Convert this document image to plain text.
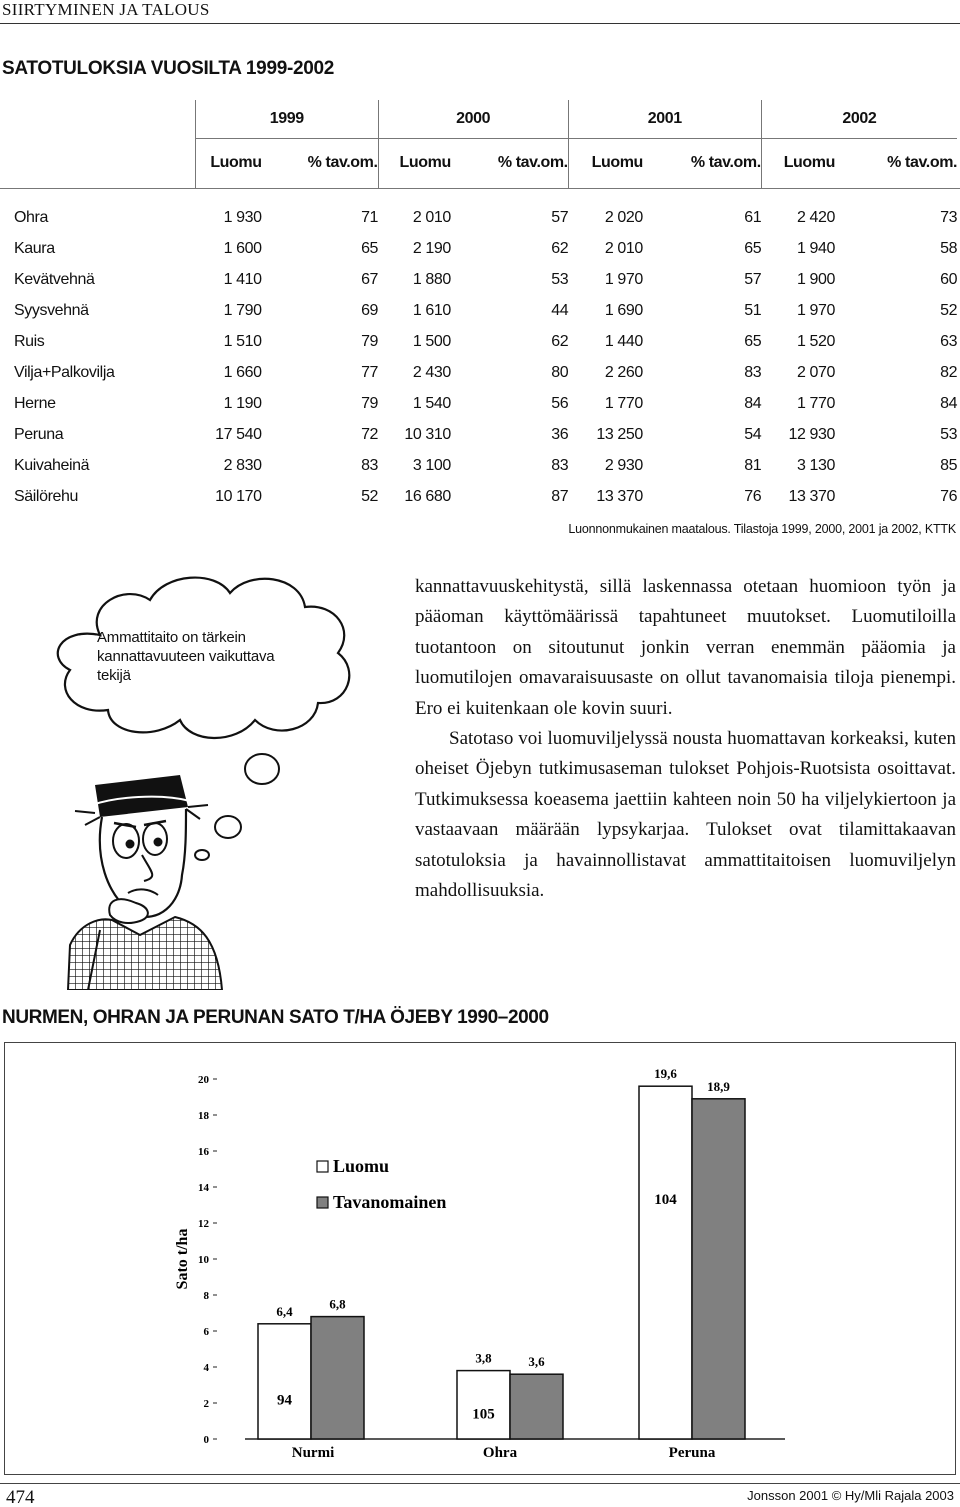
SIIRTYMINEN JA TALOUS
SATOTULOKSIA VUOSILTA 1999-2002
	1999		2000		2001		2002		
	Luomu	% tav.om.	Luomu	% tav.om.	Luomu	% tav.om.	Luomu	% tav.om.	

Ohra	1 930	71	2 010	57	2 020	61	2 420	73	
Kaura	1 600	65	2 190	62	2 010	65	1 940	58	
Kevätvehnä	1 410	67	1 880	53	1 970	57	1 900	60	
Syysvehnä	1 790	69	1 610	44	1 690	51	1 970	52	
Ruis	1 510	79	1 500	62	1 440	65	1 520	63	
Vilja+Palkovilja	1 660	77	2 430	80	2 260	83	2 070	82	
Herne	1 190	79	1 540	56	1 770	84	1 770	84	
Peruna	17 540	72	10 310	36	13 250	54	12 930	53	
Kuivaheinä	2 830	83	3 100	83	2 930	81	3 130	85	
Säilörehu	10 170	52	16 680	87	13 370	76	13 370	76	
Luonnonmukainen maatalous. Tilastoja 1999, 2000, 2001 ja 2002, KTTK
Ammattitaito on tärkein kannattavuuteen vaikuttava tekijä

kannattavuuskehitystä, sillä laskennassa otetaan huomioon työn ja pääoman käyttömäärissä tapahtuneet muutokset. Luomutiloilla tuotantoon on sitoutunut jonkin verran enemmän pääomia ja luomutilojen omavaraisuusaste on ollut tavanomaisia tiloja pienempi. Ero ei kuitenkaan ole kovin suuri.

Satotaso voi luomuviljelyssä nousta huomattavan korkeaksi, kuten oheiset Öjebyn tutkimusaseman tulokset Pohjois-Ruotsista osoittavat. Tutkimuksessa koeasema jaettiin kahteen noin 50 ha viljelykiertoon ja vastaavaan määrään lypsykarjaa. Tulokset ovat tilamittakaavan satotuloksia ja havainnollistavat ammattitaitoisen luomuviljelyn mahdollisuuksia.

NURMEN, OHRAN JA PERUNAN SATO T/HA ÖJEBY 1990–2000
0
2
4
6
8
10
12
14
16
18
20
Sato t/ha
6,4	6,8
94
Nurmi
3,8	3,6
105
Ohra
19,6
18,9
104
Peruna
Luomu
Tavanomainen
474	Jonsson 2001 © Hy/Mli Rajala 2003
